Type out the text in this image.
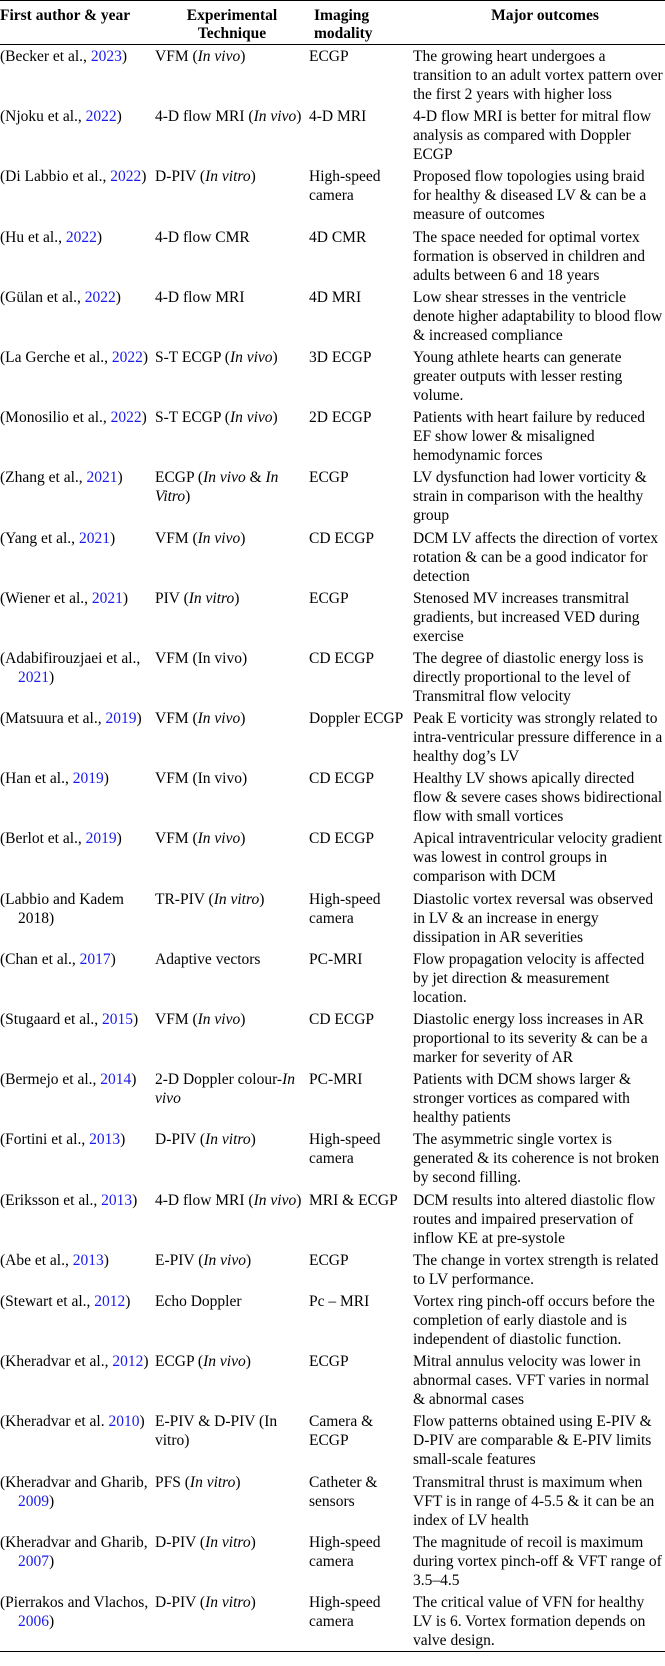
First author & year	Experimental Technique	Imaging modality	Major outcomes

(Becker et al., 2023)	VFM (In vivo)	ECGP	The growing heart undergoes a transition to an adult vortex pattern over the first 2 years with higher loss

(Njoku et al., 2022)	4-D flow MRI (In vivo)	4-D MRI	4-D flow MRI is better for mitral flow analysis as compared with Doppler ECGP

(Di Labbio et al., 2022)	D-PIV (In vitro)	High-speed camera	Proposed flow topologies using braid for healthy & diseased LV & can be a measure of outcomes

(Hu et al., 2022)	4-D flow CMR	4D CMR	The space needed for optimal vortex formation is observed in children and adults between 6 and 18 years

(Gülan et al., 2022)	4-D flow MRI	4D MRI	Low shear stresses in the ventricle denote higher adaptability to blood flow & increased compliance

(La Gerche et al., 2022)	S-T ECGP (In vivo)	3D ECGP	Young athlete hearts can generate greater outputs with lesser resting volume.

(Monosilio et al., 2022)	S-T ECGP (In vivo)	2D ECGP	Patients with heart failure by reduced EF show lower & misaligned hemodynamic forces

(Zhang et al., 2021)	ECGP (In vivo & In Vitro)	ECGP	LV dysfunction had lower vorticity & strain in comparison with the healthy group

(Yang et al., 2021)	VFM (In vivo)	CD ECGP	DCM LV affects the direction of vortex rotation & can be a good indicator for detection

(Wiener et al., 2021)	PIV (In vitro)	ECGP	Stenosed MV increases transmitral gradients, but increased VED during exercise

(Adabifirouzjaei et al., 2021)	VFM (In vivo)	CD ECGP	The degree of diastolic energy loss is directly proportional to the level of Transmitral flow velocity

(Matsuura et al., 2019)	VFM (In vivo)	Doppler ECGP	Peak E vorticity was strongly related to intra-ventricular pressure difference in a healthy dog’s LV

(Han et al., 2019)	VFM (In vivo)	CD ECGP	Healthy LV shows apically directed flow & severe cases shows bidirectional flow with small vortices

(Berlot et al., 2019)	VFM (In vivo)	CD ECGP	Apical intraventricular velocity gradient was lowest in control groups in comparison with DCM

(Labbio and Kadem 2018)	TR-PIV (In vitro)	High-speed camera	Diastolic vortex reversal was observed in LV & an increase in energy dissipation in AR severities

(Chan et al., 2017)	Adaptive vectors	PC-MRI	Flow propagation velocity is affected by jet direction & measurement location.

(Stugaard et al., 2015)	VFM (In vivo)	CD ECGP	Diastolic energy loss increases in AR proportional to its severity & can be a marker for severity of AR

(Bermejo et al., 2014)	2-D Doppler colour-In vivo	PC-MRI	Patients with DCM shows larger & stronger vortices as compared with healthy patients

(Fortini et al., 2013)	D-PIV (In vitro)	High-speed camera	The asymmetric single vortex is generated & its coherence is not broken by second filling.

(Eriksson et al., 2013)	4-D flow MRI (In vivo)	MRI & ECGP	DCM results into altered diastolic flow routes and impaired preservation of inflow KE at pre-systole

(Abe et al., 2013)	E-PIV (In vivo)	ECGP	The change in vortex strength is related to LV performance.

(Stewart et al., 2012)	Echo Doppler	Pc – MRI	Vortex ring pinch-off occurs before the completion of early diastole and is independent of diastolic function.

(Kheradvar et al., 2012)	ECGP (In vivo)	ECGP	Mitral annulus velocity was lower in abnormal cases. VFT varies in normal & abnormal cases

(Kheradvar et al. 2010)	E-PIV & D-PIV (In vitro)	Camera & ECGP	Flow patterns obtained using E-PIV & D-PIV are comparable & E-PIV limits small-scale features

(Kheradvar and Gharib, 2009)	PFS (In vitro)	Catheter & sensors	Transmitral thrust is maximum when VFT is in range of 4-5.5 & it can be an index of LV health

(Kheradvar and Gharib, 2007)	D-PIV (In vitro)	High-speed camera	The magnitude of recoil is maximum during vortex pinch-off & VFT range of 3.5–4.5

(Pierrakos and Vlachos, 2006)	D-PIV (In vitro)	High-speed camera	The critical value of VFN for healthy LV is 6. Vortex formation depends on valve design.
